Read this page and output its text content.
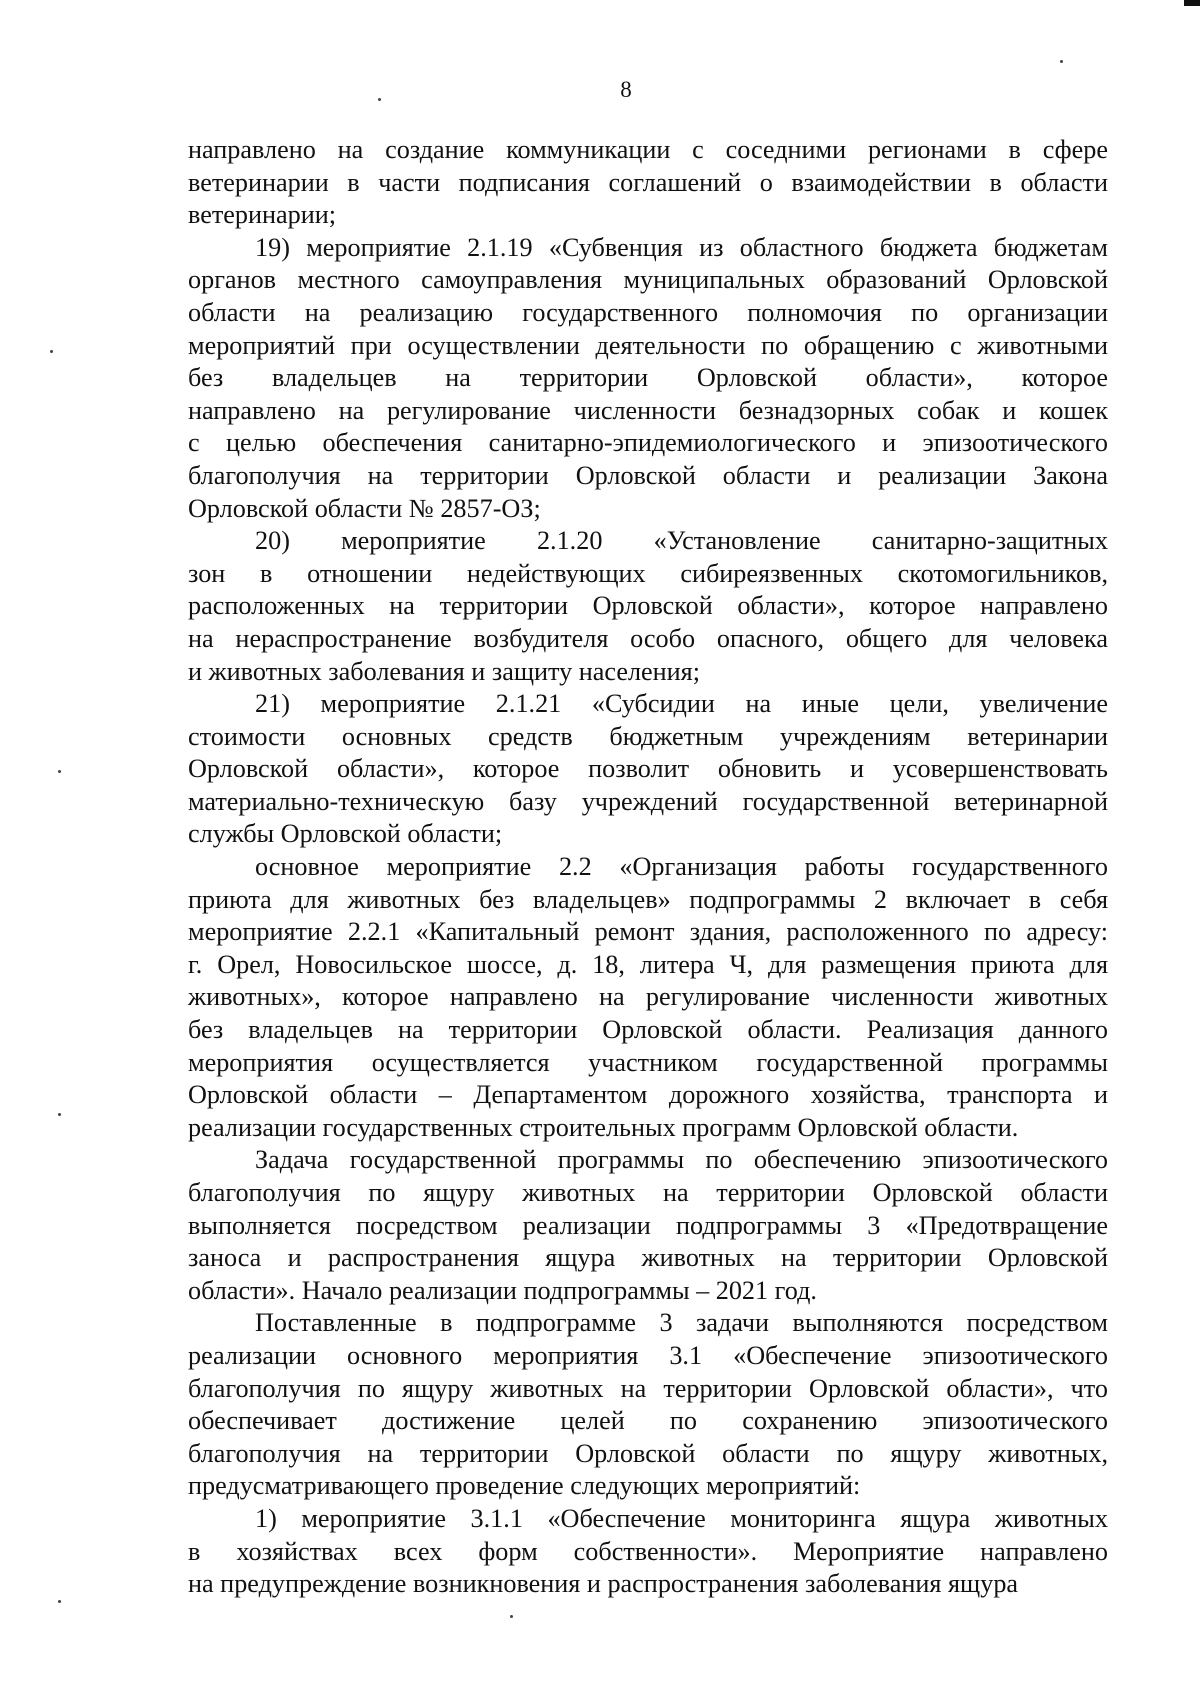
8
направлено на создание коммуникации с соседними регионами в сфере
ветеринарии в части подписания соглашений о взаимодействии в области
ветеринарии;
19) мероприятие 2.1.19 «Субвенция из областного бюджета бюджетам
органов местного самоуправления муниципальных образований Орловской
области на реализацию государственного полномочия по организации
мероприятий при осуществлении деятельности по обращению с животными
без владельцев на территории Орловской области», которое
направлено на регулирование численности безнадзорных собак и кошек
с целью обеспечения санитарно-эпидемиологического и эпизоотического
благополучия на территории Орловской области и реализации Закона
Орловской области № 2857-ОЗ;
20) мероприятие 2.1.20 «Установление санитарно-защитных
зон в отношении недействующих сибиреязвенных скотомогильников,
расположенных на территории Орловской области», которое направлено
на нераспространение возбудителя особо опасного, общего для человека
и животных заболевания и защиту населения;
21) мероприятие 2.1.21 «Субсидии на иные цели, увеличение
стоимости основных средств бюджетным учреждениям ветеринарии
Орловской области», которое позволит обновить и усовершенствовать
материально-техническую базу учреждений государственной ветеринарной
службы Орловской области;
основное мероприятие 2.2 «Организация работы государственного
приюта для животных без владельцев» подпрограммы 2 включает в себя
мероприятие 2.2.1 «Капитальный ремонт здания, расположенного по адресу:
г. Орел, Новосильское шоссе, д. 18, литера Ч, для размещения приюта для
животных», которое направлено на регулирование численности животных
без владельцев на территории Орловской области. Реализация данного
мероприятия осуществляется участником государственной программы
Орловской области – Департаментом дорожного хозяйства, транспорта и
реализации государственных строительных программ Орловской области.
Задача государственной программы по обеспечению эпизоотического
благополучия по ящуру животных на территории Орловской области
выполняется посредством реализации подпрограммы 3 «Предотвращение
заноса и распространения ящура животных на территории Орловской
области». Начало реализации подпрограммы – 2021 год.
Поставленные в подпрограмме 3 задачи выполняются посредством
реализации основного мероприятия 3.1 «Обеспечение эпизоотического
благополучия по ящуру животных на территории Орловской области», что
обеспечивает достижение целей по сохранению эпизоотического
благополучия на территории Орловской области по ящуру животных,
предусматривающего проведение следующих мероприятий:
1) мероприятие 3.1.1 «Обеспечение мониторинга ящура животных
в хозяйствах всех форм собственности». Мероприятие направлено
на предупреждение возникновения и распространения заболевания ящура
